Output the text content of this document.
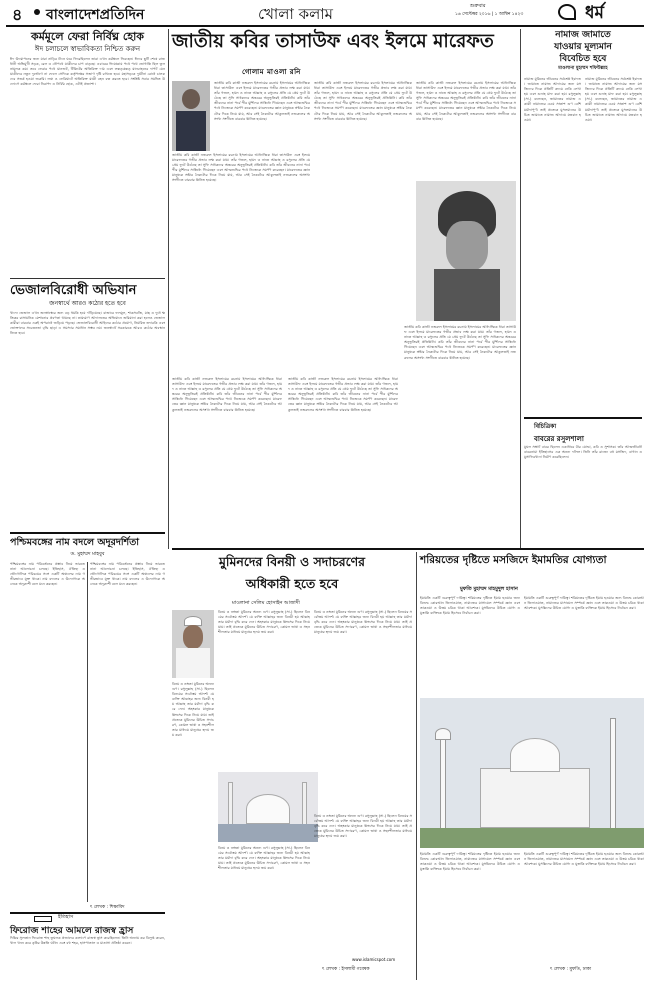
৪ বাংলাদেশপ্রতিদিন	খোলা কলাম	শুক্রবার
১৬ সেপ্টেম্বর ২০১৬ | ১ আশ্বিন ১৪২৩	ধর্ম
কর্মমূলে ফেরা নির্বিঘ্ন হোক
ঈদ চলাচলে স্বাভাবিকতা নিশ্চিত করুন
ঈদ উদযাপনের জন্য যারা নাড়ির টানে ঘরে ফিরেছিলেন তারা এখন কর্মস্থলে ফিরছেন। ঈদের ছুটি শেষে রাজধানী অভিমুখী সড়ক, রেল ও নৌপথে যাত্রীদের চাপ বাড়ছে। এবারের ঈদযাত্রায় পথে পথে ভোগান্তি ছিল তুলনামূলক কম। তবে ফেরার পথে যানজট, টিকিটের অতিরিক্ত দাম এবং লক্কড়ঝক্কড় যানবাহনের দাপট যেন যাত্রীদের নতুন দুর্ভোগে না ফেলে সেদিকে কর্তৃপক্ষের সজাগ দৃষ্টি রাখতে হবে। মহাসড়কে দুর্ঘটনা রোধে চালকদের সতর্ক হওয়া জরুরি। লঞ্চ ও ফেরিঘাটে অতিরিক্ত যাত্রী বহন বন্ধ করতে হবে। সংশ্লিষ্ট সবার সমন্বিত উদ্যোগে কর্মস্থলে ফেরা নিরাপদ ও নির্বিঘ্ন হোক, এটাই প্রত্যাশা।
ভেজালবিরোধী অভিযান
জনস্বার্থে আরও কঠোর হতে হবে
খাদ্যে ভেজাল এখন জনস্বাস্থ্যের জন্য বড় হুমকি হয়ে দাঁড়িয়েছে। বাজারে ফলমূল, শাকসবজি, মাছ ও দুধে ক্ষতিকর রাসায়নিক মেশানোর প্রবণতা থামছে না। ভ্রাম্যমাণ আদালতের অভিযানে জরিমানা করা হলেও ভেজালকারীরা বারবার একই অপরাধে জড়িয়ে পড়ছে। ভেজালবিরোধী আইনের কঠোর প্রয়োগ, নিয়মিত তদারকি এবং ভোক্তাদের সচেতনতা বৃদ্ধি ছাড়া এ সমস্যার সমাধান সম্ভব নয়। জনস্বার্থে সরকারকে আরও কঠোর অবস্থান নিতে হবে।
পশ্চিমবঙ্গের নাম বদলে অদূরদর্শিতা
ড. মুহাম্মদ মাহবুব
পশ্চিমবঙ্গের নাম পরিবর্তনের প্রস্তাব নিয়ে ভারতে নানা আলোচনা চলছে। ইতিহাস, ঐতিহ্য ও ভৌগোলিক পরিচয়ের সঙ্গে একটি অঞ্চলের নাম গভীরভাবে যুক্ত থাকে। নাম বদলের এ উদ্যোগকে অনেকে অদূরদর্শী বলে মনে করছেন।
পশ্চিমবঙ্গের নাম পরিবর্তনের প্রস্তাব নিয়ে ভারতে নানা আলোচনা চলছে। ইতিহাস, ঐতিহ্য ও ভৌগোলিক পরিচয়ের সঙ্গে একটি অঞ্চলের নাম গভীরভাবে যুক্ত থাকে। নাম বদলের এ উদ্যোগকে অনেকে অদূরদর্শী বলে মনে করছেন।
ৎ লেখক : শিক্ষাবিদ
ইতিহাস
ফিরোজ শাহের আমলে রাজস্ব হ্রাস
দিল্লির সুলতান ফিরোজ শাহ তুঘলক প্রজাদের কল্যাণে রাজস্ব হ্রাস করেছিলেন। তিনি অন্যায় কর বিলুপ্ত করেন, খাল খনন করে কৃষির উন্নতি ঘটান এবং বহু শহর, হাসপাতাল ও মাদ্রাসা প্রতিষ্ঠা করেন।
জাতীয় কবির তাসাউফ এবং ইলমে মারেফত
গোলাম মাওলা রনি
জাতীয় কবি কাজী নজরুল ইসলামের রচনায় ইসলামের আধ্যাত্মিক ধারা তাসাউফ এবং ইলমে মারেফতের গভীর প্রভাব লক্ষ করা যায়। তাঁর গজল, হামদ ও নাতে আল্লাহ ও রসুলের প্রতি যে প্রেম ফুটে উঠেছে তা সুফি সাধকদের অন্তরের অনুভূতিরই প্রতিধ্বনি। কবি তাঁর জীবনের নানা পর্বে পীর মুর্শিদের সান্নিধ্যে গিয়েছেন এবং আত্মশুদ্ধির পথে নিজেকে সমর্পণ করেছেন। মারেফতের জ্ঞান মানুষকে স্রষ্টার নৈকট্যের দিকে নিয়ে যায়, আর সেই নৈকট্যের আকুলতাই নজরুলের অসংখ্য সংগীতে বারবার ধ্বনিত হয়েছে।
জাতীয় কবি কাজী নজরুল ইসলামের রচনায় ইসলামের আধ্যাত্মিক ধারা তাসাউফ এবং ইলমে মারেফতের গভীর প্রভাব লক্ষ করা যায়। তাঁর গজল, হামদ ও নাতে আল্লাহ ও রসুলের প্রতি যে প্রেম ফুটে উঠেছে তা সুফি সাধকদের অন্তরের অনুভূতিরই প্রতিধ্বনি। কবি তাঁর জীবনের নানা পর্বে পীর মুর্শিদের সান্নিধ্যে গিয়েছেন এবং আত্মশুদ্ধির পথে নিজেকে সমর্পণ করেছেন। মারেফতের জ্ঞান মানুষকে স্রষ্টার নৈকট্যের দিকে নিয়ে যায়, আর সেই নৈকট্যের আকুলতাই নজরুলের অসংখ্য সংগীতে বারবার ধ্বনিত হয়েছে।
জাতীয় কবি কাজী নজরুল ইসলামের রচনায় ইসলামের আধ্যাত্মিক ধারা তাসাউফ এবং ইলমে মারেফতের গভীর প্রভাব লক্ষ করা যায়। তাঁর গজল, হামদ ও নাতে আল্লাহ ও রসুলের প্রতি যে প্রেম ফুটে উঠেছে তা সুফি সাধকদের অন্তরের অনুভূতিরই প্রতিধ্বনি। কবি তাঁর জীবনের নানা পর্বে পীর মুর্শিদের সান্নিধ্যে গিয়েছেন এবং আত্মশুদ্ধির পথে নিজেকে সমর্পণ করেছেন। মারেফতের জ্ঞান মানুষকে স্রষ্টার নৈকট্যের দিকে নিয়ে যায়, আর সেই নৈকট্যের আকুলতাই নজরুলের অসংখ্য সংগীতে বারবার ধ্বনিত হয়েছে।
জাতীয় কবি কাজী নজরুল ইসলামের রচনায় ইসলামের আধ্যাত্মিক ধারা তাসাউফ এবং ইলমে মারেফতের গভীর প্রভাব লক্ষ করা যায়। তাঁর গজল, হামদ ও নাতে আল্লাহ ও রসুলের প্রতি যে প্রেম ফুটে উঠেছে তা সুফি সাধকদের অন্তরের অনুভূতিরই প্রতিধ্বনি। কবি তাঁর জীবনের নানা পর্বে পীর মুর্শিদের সান্নিধ্যে গিয়েছেন এবং আত্মশুদ্ধির পথে নিজেকে সমর্পণ করেছেন। মারেফতের জ্ঞান মানুষকে স্রষ্টার নৈকট্যের দিকে নিয়ে যায়, আর সেই নৈকট্যের আকুলতাই নজরুলের অসংখ্য সংগীতে বারবার ধ্বনিত হয়েছে।
জাতীয় কবি কাজী নজরুল ইসলামের রচনায় ইসলামের আধ্যাত্মিক ধারা তাসাউফ এবং ইলমে মারেফতের গভীর প্রভাব লক্ষ করা যায়। তাঁর গজল, হামদ ও নাতে আল্লাহ ও রসুলের প্রতি যে প্রেম ফুটে উঠেছে তা সুফি সাধকদের অন্তরের অনুভূতিরই প্রতিধ্বনি। কবি তাঁর জীবনের নানা পর্বে পীর মুর্শিদের সান্নিধ্যে গিয়েছেন এবং আত্মশুদ্ধির পথে নিজেকে সমর্পণ করেছেন। মারেফতের জ্ঞান মানুষকে স্রষ্টার নৈকট্যের দিকে নিয়ে যায়, আর সেই নৈকট্যের আকুলতাই নজরুলের অসংখ্য সংগীতে বারবার ধ্বনিত হয়েছে।
জাতীয় কবি কাজী নজরুল ইসলামের রচনায় ইসলামের আধ্যাত্মিক ধারা তাসাউফ এবং ইলমে মারেফতের গভীর প্রভাব লক্ষ করা যায়। তাঁর গজল, হামদ ও নাতে আল্লাহ ও রসুলের প্রতি যে প্রেম ফুটে উঠেছে তা সুফি সাধকদের অন্তরের অনুভূতিরই প্রতিধ্বনি। কবি তাঁর জীবনের নানা পর্বে পীর মুর্শিদের সান্নিধ্যে গিয়েছেন এবং আত্মশুদ্ধির পথে নিজেকে সমর্পণ করেছেন। মারেফতের জ্ঞান মানুষকে স্রষ্টার নৈকট্যের দিকে নিয়ে যায়, আর সেই নৈকট্যের আকুলতাই নজরুলের অসংখ্য সংগীতে বারবার ধ্বনিত হয়েছে।
জাতীয় কবি কাজী নজরুল ইসলামের রচনায় ইসলামের আধ্যাত্মিক ধারা তাসাউফ এবং ইলমে মারেফতের গভীর প্রভাব লক্ষ করা যায়। তাঁর গজল, হামদ ও নাতে আল্লাহ ও রসুলের প্রতি যে প্রেম ফুটে উঠেছে তা সুফি সাধকদের অন্তরের অনুভূতিরই প্রতিধ্বনি। কবি তাঁর জীবনের নানা পর্বে পীর মুর্শিদের সান্নিধ্যে গিয়েছেন এবং আত্মশুদ্ধির পথে নিজেকে সমর্পণ করেছেন। মারেফতের জ্ঞান মানুষকে স্রষ্টার নৈকট্যের দিকে নিয়ে যায়, আর সেই নৈকট্যের আকুলতাই নজরুলের অসংখ্য সংগীতে বারবার ধ্বনিত হয়েছে।
নামাজ জামাতে
যাওয়ার মূল্যমান
বিবেচিত হবে
মাওলানা মুহাম্মদ শফিউল্লাহ
নামাজ মুমিনের জীবনের সর্বশ্রেষ্ঠ ইবাদত। জামাতে নামাজ আদায়ের জন্য মসজিদের দিকে প্রতিটি কদমে নেকি লেখা হয় এবং গুনাহ মাফ করা হয়। রসুলুল্লাহ (সা.) বলেছেন, জামাতের নামাজ একাকী নামাজের চেয়ে সাতাশ গুণ বেশি মর্যাদাপূর্ণ। তাই প্রত্যেক মুসলমানের উচিত জামাতে নামাজ আদায়ে যত্নবান হওয়া।
নামাজ মুমিনের জীবনের সর্বশ্রেষ্ঠ ইবাদত। জামাতে নামাজ আদায়ের জন্য মসজিদের দিকে প্রতিটি কদমে নেকি লেখা হয় এবং গুনাহ মাফ করা হয়। রসুলুল্লাহ (সা.) বলেছেন, জামাতের নামাজ একাকী নামাজের চেয়ে সাতাশ গুণ বেশি মর্যাদাপূর্ণ। তাই প্রত্যেক মুসলমানের উচিত জামাতে নামাজ আদায়ে যত্নবান হওয়া।
বিচিত্রিকা
বাবরের রসুলশালা
মুঘল সম্রাট বাবর ছিলেন একাধারে বীর যোদ্ধা, কবি ও সুশাসক। তাঁর আত্মজীবনী বাবরনামা ইতিহাসের এক অনন্য দলিল। তিনি তাঁর রাজ্যে বহু মসজিদ, বাগান ও মুসাফিরখানা নির্মাণ করেছিলেন।
মুমিনদের বিনয়ী ও সদাচরণের
অধিকারী হতে হবে
মাওলানা সেলিম হোসাইন আজাদী
বিনয় ও নম্রতা মুমিনের অনন্য গুণ। রসুলুল্লাহ (সা.) ছিলেন বিনয়ের সর্বোত্তম আদর্শ। যে ব্যক্তি আল্লাহর জন্য বিনয়ী হয় আল্লাহ তার মর্যাদা বৃদ্ধি করে দেন। অহংকার মানুষকে ধ্বংসের দিকে নিয়ে যায়। তাই প্রত্যেক মুমিনের উচিত সদাচরণ, কোমল ভাষা ও সহনশীলতার মাধ্যমে মানুষের হৃদয় জয় করা।
বিনয় ও নম্রতা মুমিনের অনন্য গুণ। রসুলুল্লাহ (সা.) ছিলেন বিনয়ের সর্বোত্তম আদর্শ। যে ব্যক্তি আল্লাহর জন্য বিনয়ী হয় আল্লাহ তার মর্যাদা বৃদ্ধি করে দেন। অহংকার মানুষকে ধ্বংসের দিকে নিয়ে যায়। তাই প্রত্যেক মুমিনের উচিত সদাচরণ, কোমল ভাষা ও সহনশীলতার মাধ্যমে মানুষের হৃদয় জয় করা।
বিনয় ও নম্রতা মুমিনের অনন্য গুণ। রসুলুল্লাহ (সা.) ছিলেন বিনয়ের সর্বোত্তম আদর্শ। যে ব্যক্তি আল্লাহর জন্য বিনয়ী হয় আল্লাহ তার মর্যাদা বৃদ্ধি করে দেন। অহংকার মানুষকে ধ্বংসের দিকে নিয়ে যায়। তাই প্রত্যেক মুমিনের উচিত সদাচরণ, কোমল ভাষা ও সহনশীলতার মাধ্যমে মানুষের হৃদয় জয় করা।
বিনয় ও নম্রতা মুমিনের অনন্য গুণ। রসুলুল্লাহ (সা.) ছিলেন বিনয়ের সর্বোত্তম আদর্শ। যে ব্যক্তি আল্লাহর জন্য বিনয়ী হয় আল্লাহ তার মর্যাদা বৃদ্ধি করে দেন। অহংকার মানুষকে ধ্বংসের দিকে নিয়ে যায়। তাই প্রত্যেক মুমিনের উচিত সদাচরণ, কোমল ভাষা ও সহনশীলতার মাধ্যমে মানুষের হৃদয় জয় করা।
বিনয় ও নম্রতা মুমিনের অনন্য গুণ। রসুলুল্লাহ (সা.) ছিলেন বিনয়ের সর্বোত্তম আদর্শ। যে ব্যক্তি আল্লাহর জন্য বিনয়ী হয় আল্লাহ তার মর্যাদা বৃদ্ধি করে দেন। অহংকার মানুষকে ধ্বংসের দিকে নিয়ে যায়। তাই প্রত্যেক মুমিনের উচিত সদাচরণ, কোমল ভাষা ও সহনশীলতার মাধ্যমে মানুষের হৃদয় জয় করা।
www.islamicspot.com
ৎ লেখক : ইসলামী গবেষক
শরিয়তের দৃষ্টিতে মসজিদে ইমামতির যোগ্যতা
মুফতি মুহাম্মদ মাহমুদুল হাসান
ইমামতি একটি গুরুত্বপূর্ণ দায়িত্ব। শরিয়তের দৃষ্টিতে ইমাম হওয়ার জন্য বিশুদ্ধ কোরআন তিলাওয়াত, নামাজের মাসায়েল সম্পর্কে জ্ঞান এবং তাকওয়া ও উত্তম চরিত্র থাকা আবশ্যক। মুসল্লিদের উচিত যোগ্য ও মুত্তাকি ব্যক্তিকে ইমাম হিসেবে নির্বাচন করা।
ইমামতি একটি গুরুত্বপূর্ণ দায়িত্ব। শরিয়তের দৃষ্টিতে ইমাম হওয়ার জন্য বিশুদ্ধ কোরআন তিলাওয়াত, নামাজের মাসায়েল সম্পর্কে জ্ঞান এবং তাকওয়া ও উত্তম চরিত্র থাকা আবশ্যক। মুসল্লিদের উচিত যোগ্য ও মুত্তাকি ব্যক্তিকে ইমাম হিসেবে নির্বাচন করা।
ইমামতি একটি গুরুত্বপূর্ণ দায়িত্ব। শরিয়তের দৃষ্টিতে ইমাম হওয়ার জন্য বিশুদ্ধ কোরআন তিলাওয়াত, নামাজের মাসায়েল সম্পর্কে জ্ঞান এবং তাকওয়া ও উত্তম চরিত্র থাকা আবশ্যক। মুসল্লিদের উচিত যোগ্য ও মুত্তাকি ব্যক্তিকে ইমাম হিসেবে নির্বাচন করা।
ইমামতি একটি গুরুত্বপূর্ণ দায়িত্ব। শরিয়তের দৃষ্টিতে ইমাম হওয়ার জন্য বিশুদ্ধ কোরআন তিলাওয়াত, নামাজের মাসায়েল সম্পর্কে জ্ঞান এবং তাকওয়া ও উত্তম চরিত্র থাকা আবশ্যক। মুসল্লিদের উচিত যোগ্য ও মুত্তাকি ব্যক্তিকে ইমাম হিসেবে নির্বাচন করা।
ৎ লেখক : মুফতি, ঢাকা
